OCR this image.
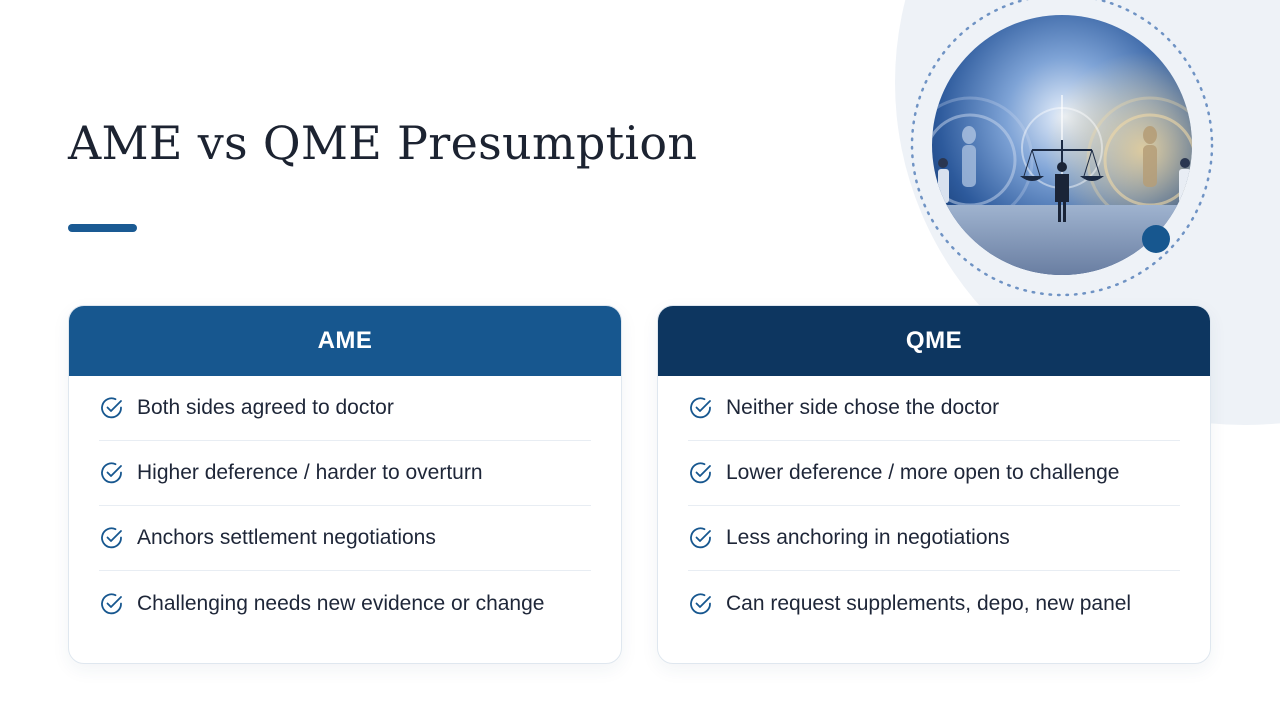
AME vs QME Presumption
AME
Both sides agreed to doctor
Higher deference / harder to overturn
Anchors settlement negotiations
Challenging needs new evidence or change
QME
Neither side chose the doctor
Lower deference / more open to challenge
Less anchoring in negotiations
Can request supplements, depo, new panel
